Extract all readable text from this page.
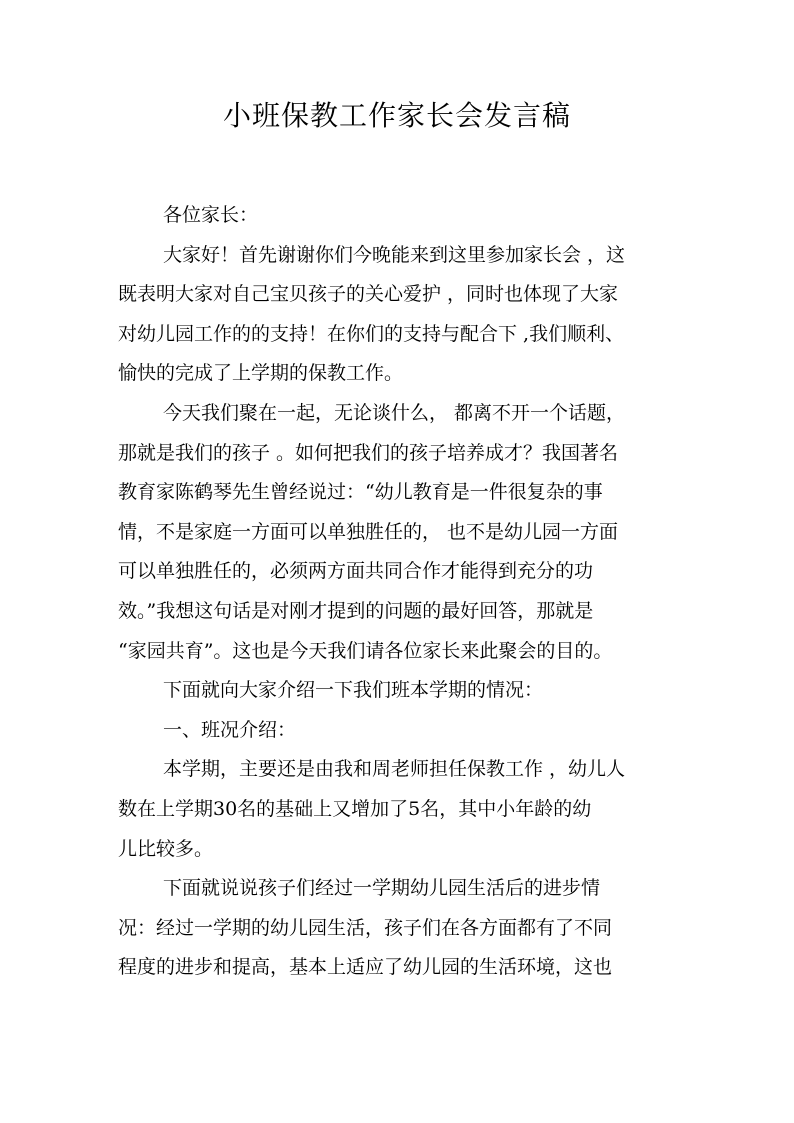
小班保教工作家长会发言稿

各位家长：

大家好！首先谢谢你们今晚能来到这里参加家长会 ，这
既表明大家对自己宝贝孩子的关心爱护 ，同时也体现了大家
对幼儿园工作的的支持！在你们的支持与配合下 ,我们顺利、
愉快的完成了上学期的保教工作。

今天我们聚在一起，无论谈什么， 都离不开一个话题，
那就是我们的孩子 。如何把我们的孩子培养成才？我国著名
教育家陈鹤琴先生曾经说过：“幼儿教育是一件很复杂的事
情，不是家庭一方面可以单独胜任的， 也不是幼儿园一方面
可以单独胜任的，必须两方面共同合作才能得到充分的功
效。”我想这句话是对刚才提到的问题的最好回答，那就是
“家园共育”。这也是今天我们请各位家长来此聚会的目的。

下面就向大家介绍一下我们班本学期的情况：

一、班况介绍：

本学期，主要还是由我和周老师担任保教工作 ，幼儿人
数在上学期30名的基础上又增加了5名，其中小年龄的幼
儿比较多。

下面就说说孩子们经过一学期幼儿园生活后的进步情
况：经过一学期的幼儿园生活，孩子们在各方面都有了不同
程度的进步和提高，基本上适应了幼儿园的生活环境，这也
